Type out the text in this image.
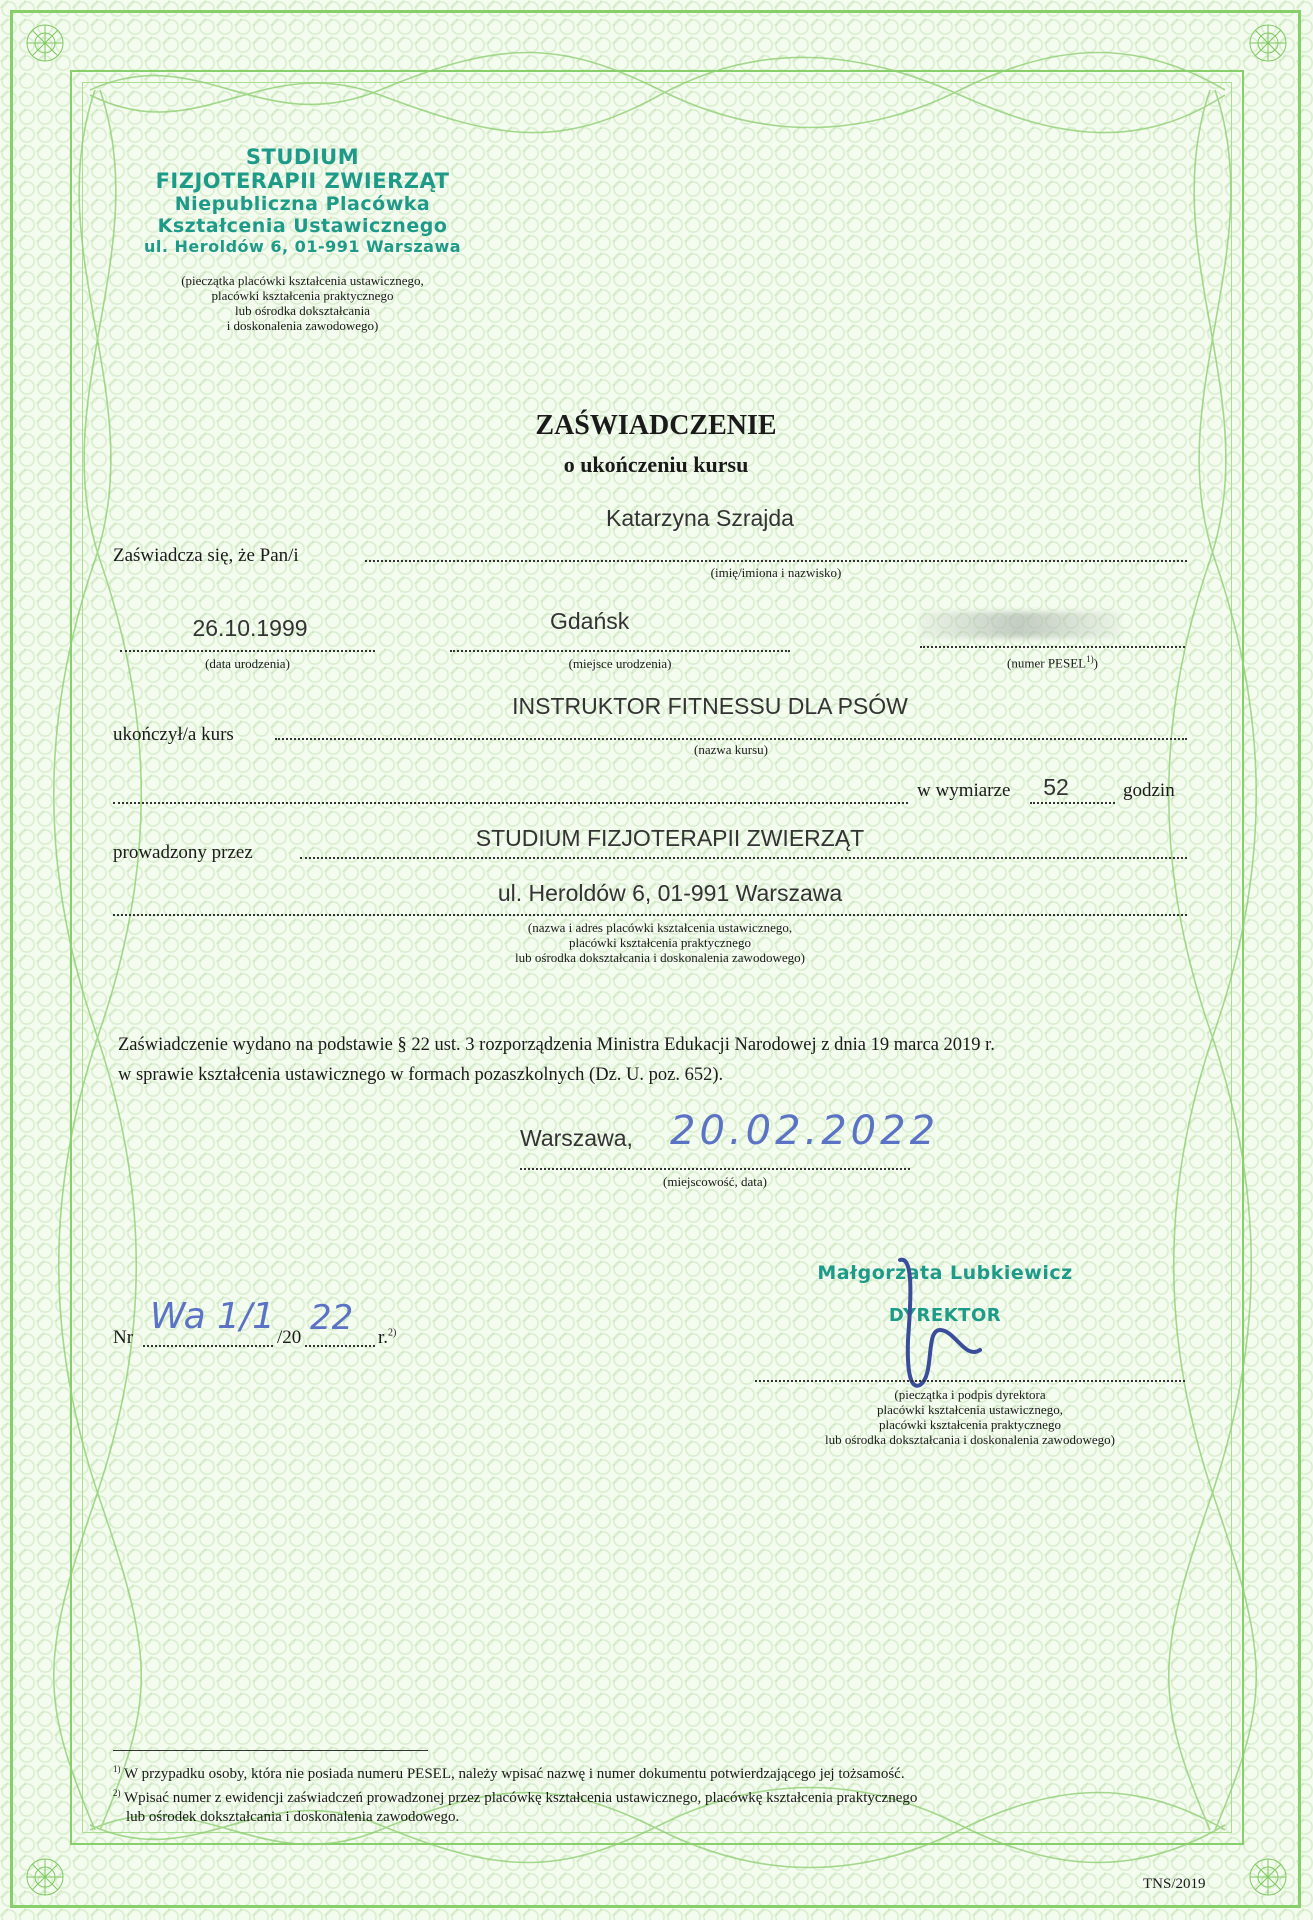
STUDIUM
FIZJOTERAPII ZWIERZĄT
Niepubliczna Placówka
Kształcenia Ustawicznego
ul. Heroldów 6, 01-991 Warszawa
(pieczątka placówki kształcenia ustawicznego,
placówki kształcenia praktycznego
lub ośrodka dokształcania
i doskonalenia zawodowego)
ZAŚWIADCZENIE
o ukończeniu kursu
Katarzyna Szrajda
Zaświadcza się, że Pan/i
(imię/imiona i nazwisko)
26.10.1999
(data urodzenia)
Gdańsk
(miejsce urodzenia)	(numer PESEL$^{1)}$)
INSTRUKTOR FITNESSU DLA PSÓW
ukończył/a kurs
(nazwa kursu)
w wymiarze	52	godzin
STUDIUM FIZJOTERAPII ZWIERZĄT
prowadzony przez
ul. Heroldów 6, 01-991 Warszawa
(nazwa i adres placówki kształcenia ustawicznego,
placówki kształcenia praktycznego
lub ośrodka dokształcania i doskonalenia zawodowego)
Zaświadczenie wydano na podstawie § 22 ust. 3 rozporządzenia Ministra Edukacji Narodowej z dnia 19 marca 2019 r.
w sprawie kształcenia ustawicznego w formach pozaszkolnych (Dz. U. poz. 652).
Warszawa, 20.02.2022
(miejscowość, data)
Nr
Wa 1/1
/20 22 r.$^{2)}$
Małgorzata Lubkiewicz
DYREKTOR
(pieczątka i podpis dyrektora
placówki kształcenia ustawicznego,
placówki kształcenia praktycznego
lub ośrodka dokształcania i doskonalenia zawodowego)
$^{1)}$ W przypadku osoby, która nie posiada numeru PESEL, należy wpisać nazwę i numer dokumentu potwierdzającego jej tożsamość.
$^{2)}$ Wpisać numer z ewidencji zaświadczeń prowadzonej przez placówkę kształcenia ustawicznego, placówkę kształcenia praktycznego
lub ośrodek dokształcania i doskonalenia zawodowego.
TNS/2019
